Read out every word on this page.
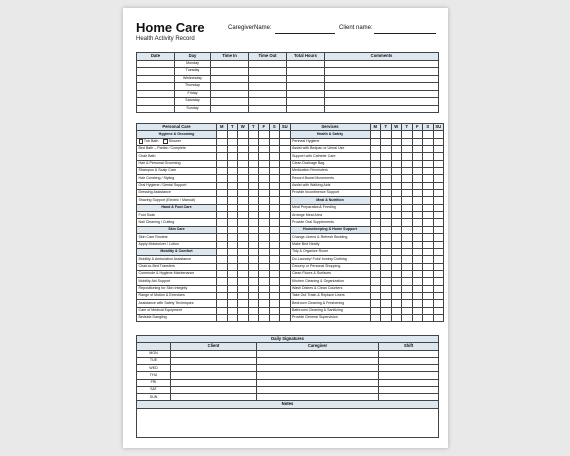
Home Care
Health Activity Record
CaregiverName:	Client name:
Date	Day	Time In	Time Out	Total Hours	Comments
	Monday				
	Tuesday				
	Wednesday				
	Thursday				
	Friday				
	Saturday				
	Sunday				
Personal Care	M	T	W	T	F	S	SU	Services	M	T	W	T	F	S	SU
Hygiene & Grooming								Health & Safety							
Tub Bath Shower								Perineal Hygiene							
Bed Bath – Partial / Complete								Assist with Bedpan or Urinal Use							
Chair Bath								Support with Catheter Care							
Hair & Personal Grooming								Clean Drainage Bag							
Shampoo & Scalp Care								Medication Reminders							
Hair Combing / Styling								Record Bowel Movements							
Oral Hygiene / Dental Support								Assist with Walking Aids							
Dressing Assistance								Provide Incontinence Support							
Shaving Support (Electric / Manual)								Meal & Nutrition							
Hand & Foot Care								Meal Preparation& Feeding							
Foot Soak								Arrange Meal Area							
Nail Cleaning / Cutting								Provide Oral Supplements							
Skin Care								Housekeeping & Home Support							
Skin Care Routine								Change Linens & Refresh Bedding							
Apply Moisturizer / Lotion								Make Bed Neatly							
Mobility & Comfort								Tidy & Organize Room							
Mobility & Ambulation Assistance								Do Laundry/ Fold/ Ironing Clothing							
Chair-to-Bed Transfers								Grocery or Personal Shopping							
Commode & Hygiene Maintenance								Clean Floors & Surfaces							
Mobility Aid Support								Kitchen Cleaning & Organization							
Repositioning for Skin Integrity								Wash Dishes & Clean Counters							
Range of Motion & Exercises								Take Out Trash & Replace Liners							
Assistance with Safety Techniques								Bedroom Cleaning & Freshening							
Care of Medical Equipment								Bathroom Cleaning & Sanitizing							
Bedside Dangling								Provide General Supervision							
Daily Signatures			
	Client	Caregiver	Shift
MON			
TUE			
WED			
THU			
FRI			
SAT			
SUN			
Notes
